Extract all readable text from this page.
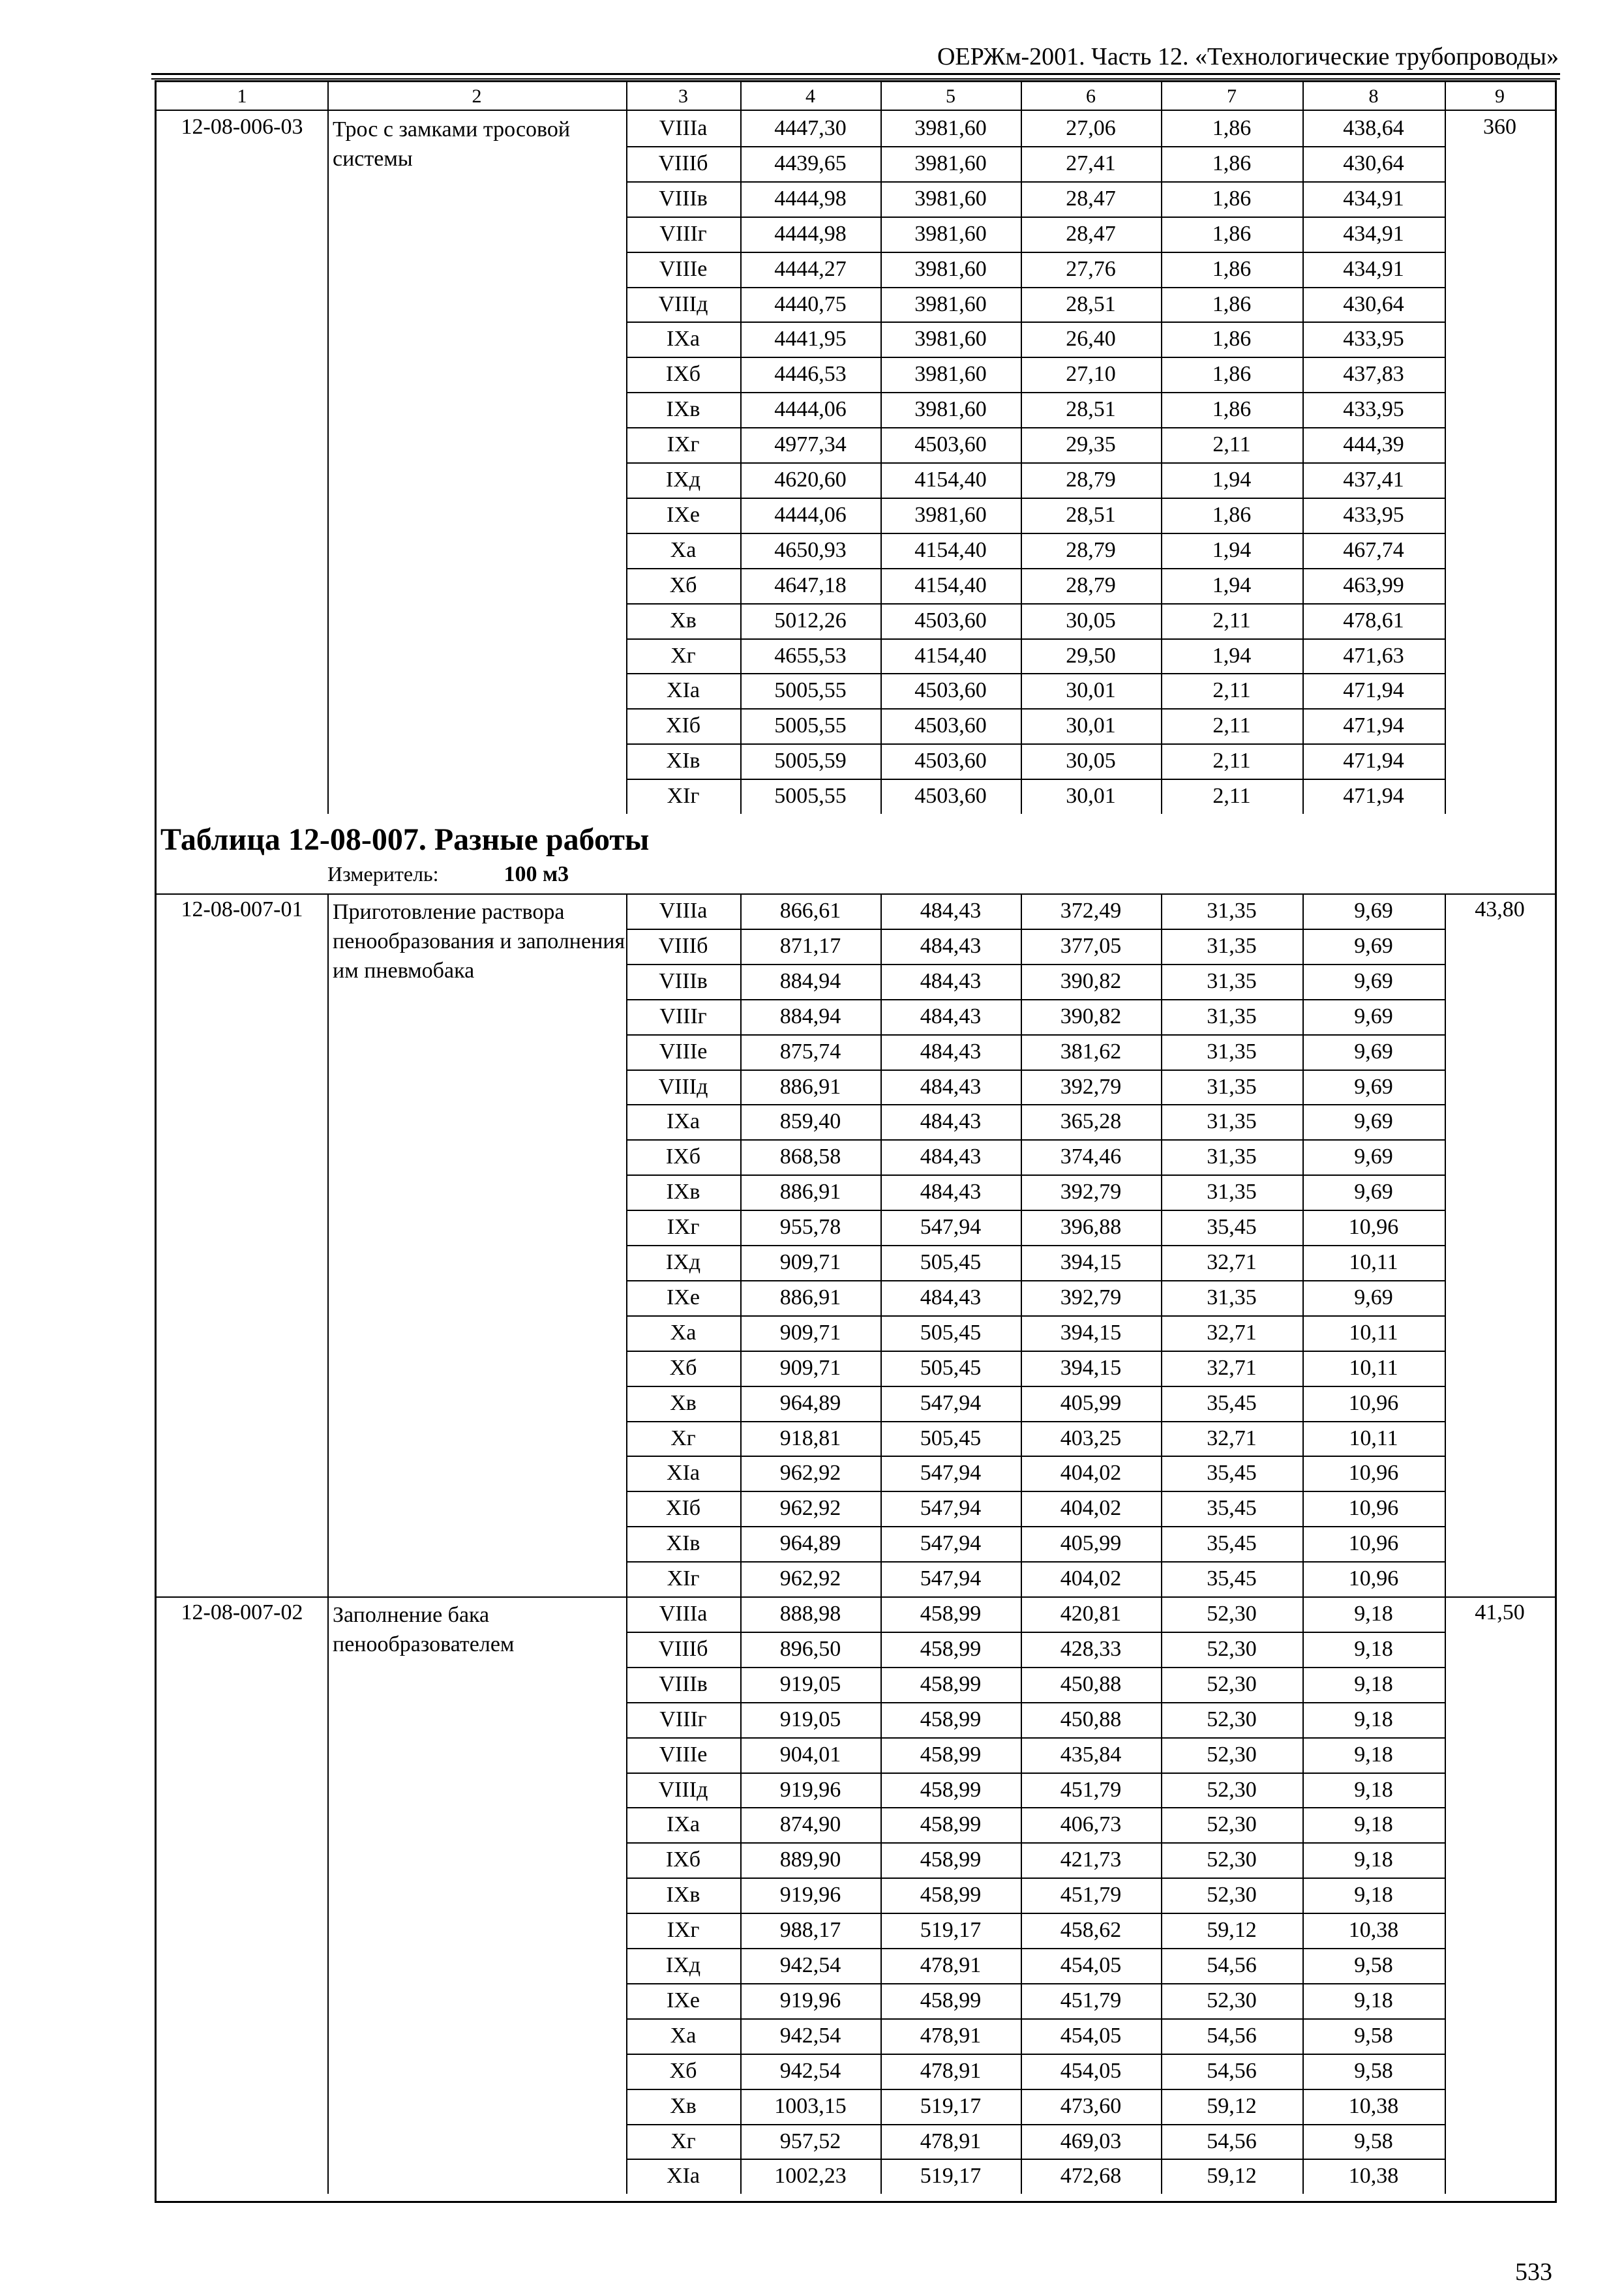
ОЕРЖм-2001. Часть 12. «Технологические трубопроводы»
1	2	3	4	5	6	7	8	9
12-08-006-03	Трос с замками тросовой системы
360
VIIIа	4447,30	3981,60	27,06	1,86	438,64
VIIIб	4439,65	3981,60	27,41	1,86	430,64
VIIIв	4444,98	3981,60	28,47	1,86	434,91
VIIIг	4444,98	3981,60	28,47	1,86	434,91
VIIIе	4444,27	3981,60	27,76	1,86	434,91
VIIIд	4440,75	3981,60	28,51	1,86	430,64
IXа	4441,95	3981,60	26,40	1,86	433,95
IXб	4446,53	3981,60	27,10	1,86	437,83
IXв	4444,06	3981,60	28,51	1,86	433,95
IXг	4977,34	4503,60	29,35	2,11	444,39
IXд	4620,60	4154,40	28,79	1,94	437,41
IXе	4444,06	3981,60	28,51	1,86	433,95
Xа	4650,93	4154,40	28,79	1,94	467,74
Xб	4647,18	4154,40	28,79	1,94	463,99
Xв	5012,26	4503,60	30,05	2,11	478,61
Xг	4655,53	4154,40	29,50	1,94	471,63
XIа	5005,55	4503,60	30,01	2,11	471,94
XIб	5005,55	4503,60	30,01	2,11	471,94
XIв	5005,59	4503,60	30,05	2,11	471,94
XIг	5005,55	4503,60	30,01	2,11	471,94
Таблица 12-08-007. Разные работы
Измеритель:	100 м3
12-08-007-01	Приготовление раствора пенообразования и заполнения им пневмобака
43,80
VIIIа	866,61	484,43	372,49	31,35	9,69
VIIIб	871,17	484,43	377,05	31,35	9,69
VIIIв	884,94	484,43	390,82	31,35	9,69
VIIIг	884,94	484,43	390,82	31,35	9,69
VIIIе	875,74	484,43	381,62	31,35	9,69
VIIIд	886,91	484,43	392,79	31,35	9,69
IXа	859,40	484,43	365,28	31,35	9,69
IXб	868,58	484,43	374,46	31,35	9,69
IXв	886,91	484,43	392,79	31,35	9,69
IXг	955,78	547,94	396,88	35,45	10,96
IXд	909,71	505,45	394,15	32,71	10,11
IXе	886,91	484,43	392,79	31,35	9,69
Xа	909,71	505,45	394,15	32,71	10,11
Xб	909,71	505,45	394,15	32,71	10,11
Xв	964,89	547,94	405,99	35,45	10,96
Xг	918,81	505,45	403,25	32,71	10,11
XIа	962,92	547,94	404,02	35,45	10,96
XIб	962,92	547,94	404,02	35,45	10,96
XIв	964,89	547,94	405,99	35,45	10,96
XIг	962,92	547,94	404,02	35,45	10,96
12-08-007-02	Заполнение бака пенообразователем
41,50
VIIIа	888,98	458,99	420,81	52,30	9,18
VIIIб	896,50	458,99	428,33	52,30	9,18
VIIIв	919,05	458,99	450,88	52,30	9,18
VIIIг	919,05	458,99	450,88	52,30	9,18
VIIIе	904,01	458,99	435,84	52,30	9,18
VIIIд	919,96	458,99	451,79	52,30	9,18
IXа	874,90	458,99	406,73	52,30	9,18
IXб	889,90	458,99	421,73	52,30	9,18
IXв	919,96	458,99	451,79	52,30	9,18
IXг	988,17	519,17	458,62	59,12	10,38
IXд	942,54	478,91	454,05	54,56	9,58
IXе	919,96	458,99	451,79	52,30	9,18
Xа	942,54	478,91	454,05	54,56	9,58
Xб	942,54	478,91	454,05	54,56	9,58
Xв	1003,15	519,17	473,60	59,12	10,38
Xг	957,52	478,91	469,03	54,56	9,58
XIа	1002,23	519,17	472,68	59,12	10,38
533
